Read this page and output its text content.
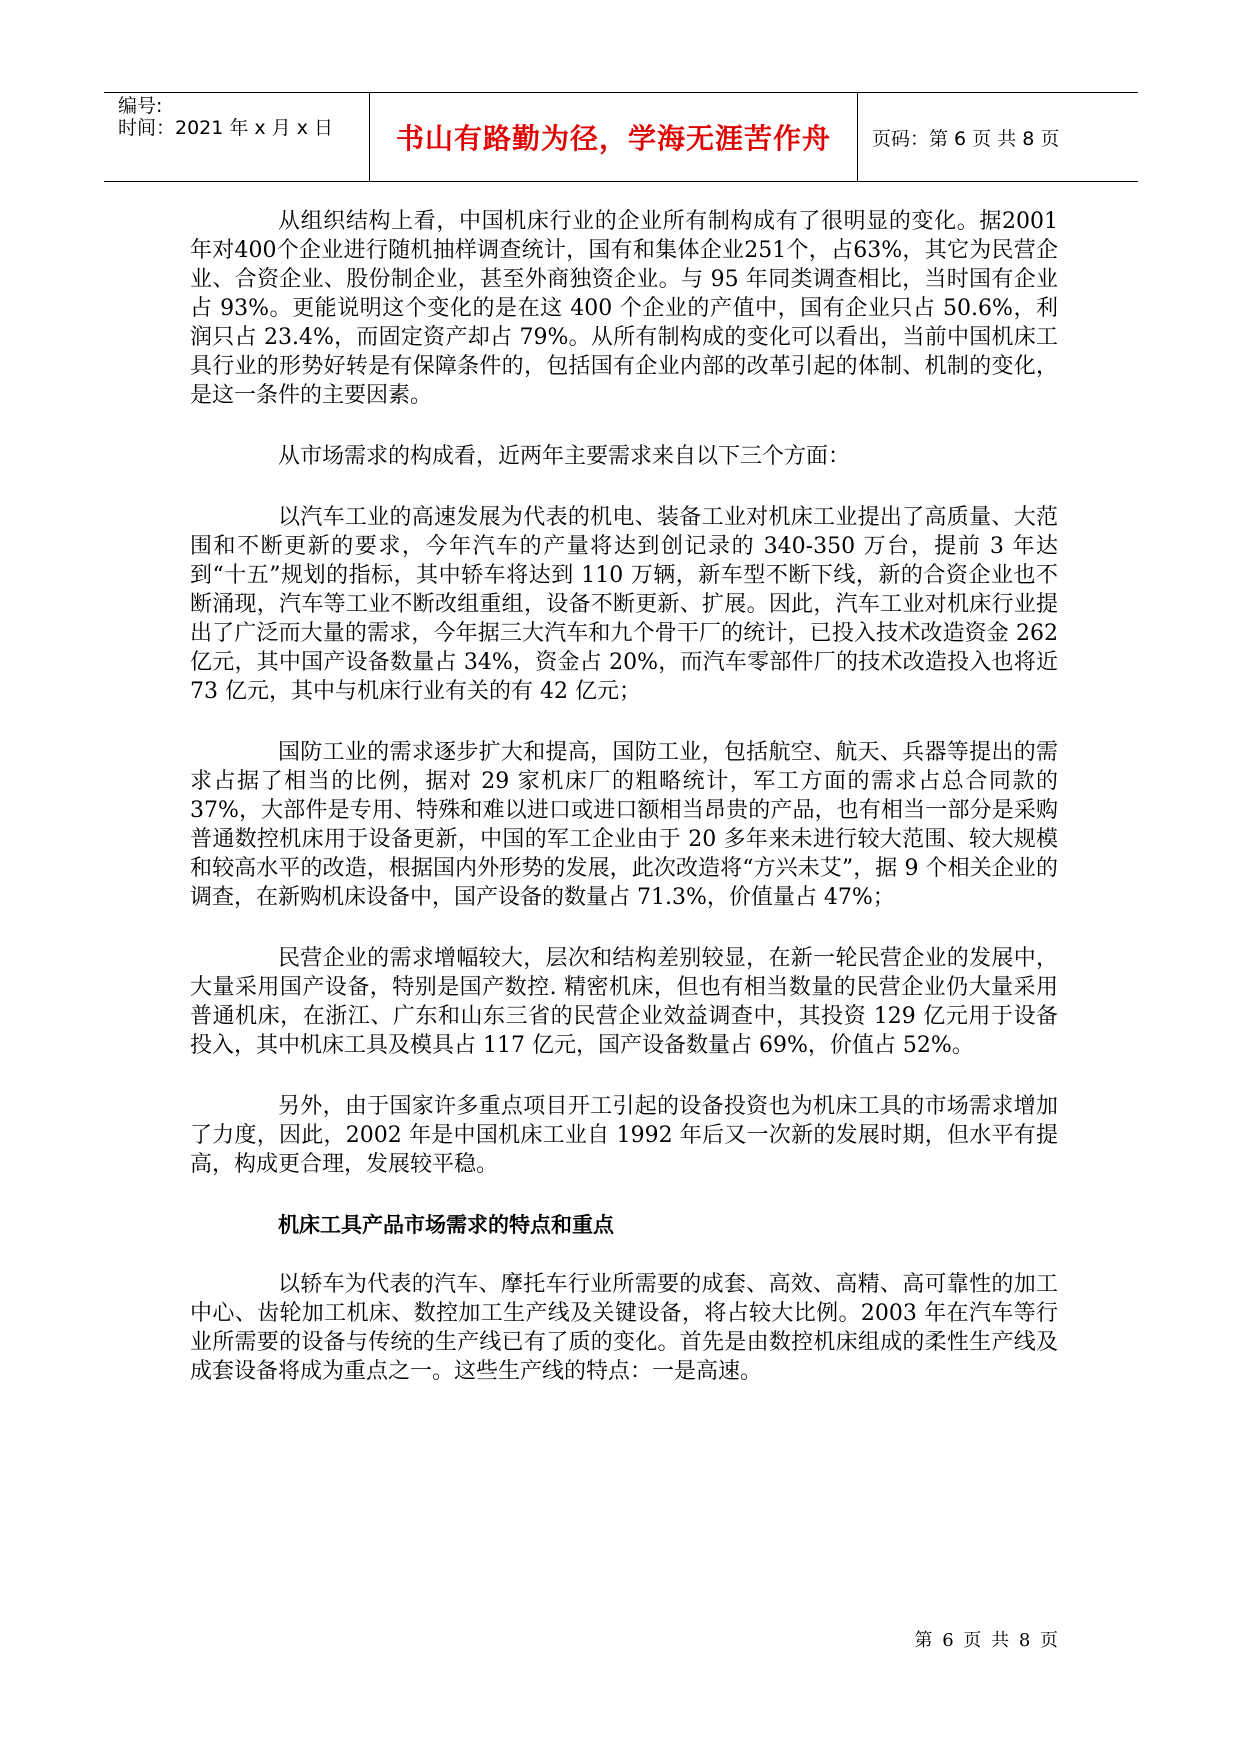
编号:
时间：2021 年 x 月 x 日	书山有路勤为径，学海无涯苦作舟 页码：第 6 页 共 8 页

从组织结构上看，中国机床行业的企业所有制构成有了很明显的变化。据2001年对400个企业进行随机抽样调查统计，国有和集体企业251个，占63%，其它为民营企业、合资企业、股份制企业，甚至外商独资企业。与 95 年同类调查相比，当时国有企业占 93%。更能说明这个变化的是在这 400 个企业的产值中，国有企业只占 50.6%，利润只占 23.4%，而固定资产却占 79%。从所有制构成的变化可以看出，当前中国机床工具行业的形势好转是有保障条件的，包括国有企业内部的改革引起的体制、机制的变化，是这一条件的主要因素。

从市场需求的构成看，近两年主要需求来自以下三个方面：

以汽车工业的高速发展为代表的机电、装备工业对机床工业提出了高质量、大范围和不断更新的要求，今年汽车的产量将达到创记录的 340-350 万台，提前 3 年达到“十五”规划的指标，其中轿车将达到 110 万辆，新车型不断下线，新的合资企业也不断涌现，汽车等工业不断改组重组，设备不断更新、扩展。因此，汽车工业对机床行业提出了广泛而大量的需求，今年据三大汽车和九个骨干厂的统计，已投入技术改造资金 262 亿元，其中国产设备数量占 34%，资金占 20%，而汽车零部件厂的技术改造投入也将近 73 亿元，其中与机床行业有关的有 42 亿元；

国防工业的需求逐步扩大和提高，国防工业，包括航空、航天、兵器等提出的需求占据了相当的比例，据对 29 家机床厂的粗略统计，军工方面的需求占总合同款的 37%，大部件是专用、特殊和难以进口或进口额相当昂贵的产品，也有相当一部分是采购普通数控机床用于设备更新，中国的军工企业由于 20 多年来未进行较大范围、较大规模和较高水平的改造，根据国内外形势的发展，此次改造将“方兴未艾”，据 9 个相关企业的调查，在新购机床设备中，国产设备的数量占 71.3%，价值量占 47%；

民营企业的需求增幅较大，层次和结构差别较显，在新一轮民营企业的发展中，大量采用国产设备，特别是国产数控. 精密机床，但也有相当数量的民营企业仍大量采用普通机床，在浙江、广东和山东三省的民营企业效益调查中，其投资 129 亿元用于设备投入，其中机床工具及模具占 117 亿元，国产设备数量占 69%，价值占 52%。

另外，由于国家许多重点项目开工引起的设备投资也为机床工具的市场需求增加了力度，因此，2002 年是中国机床工业自 1992 年后又一次新的发展时期，但水平有提高，构成更合理，发展较平稳。

机床工具产品市场需求的特点和重点

以轿车为代表的汽车、摩托车行业所需要的成套、高效、高精、高可靠性的加工中心、齿轮加工机床、数控加工生产线及关键设备，将占较大比例。2003 年在汽车等行业所需要的设备与传统的生产线已有了质的变化。首先是由数控机床组成的柔性生产线及成套设备将成为重点之一。这些生产线的特点：一是高速。

第 6 页 共 8 页
